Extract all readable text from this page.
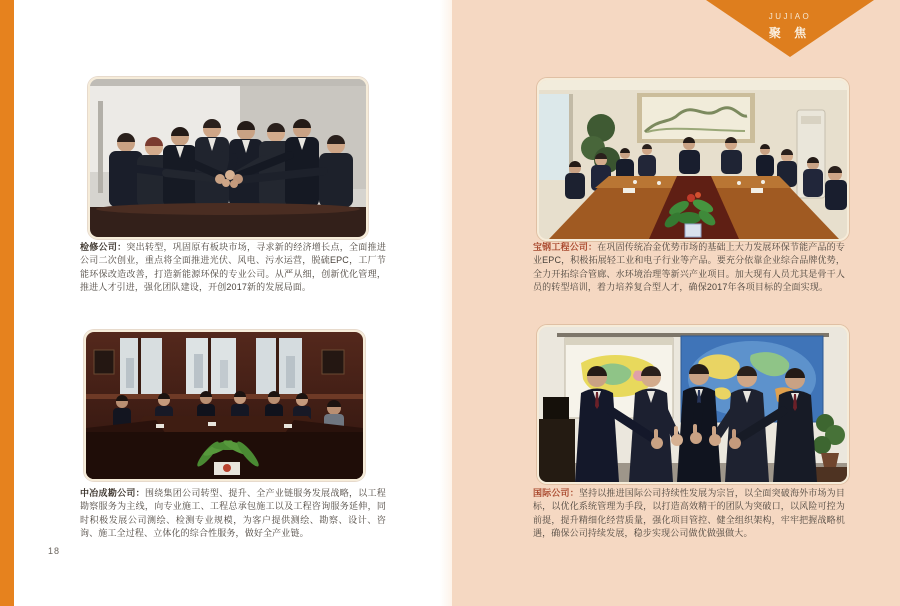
JUJIAO
聚 焦

检修公司：突出转型，巩固原有板块市场，寻求新的经济增长点，全面推进公司二次创业，重点将全面推进光伏、风电、污水运营，脱硫EPC，工厂节能环保改造改善，打造新能源环保的专业公司。从严从细，创新优化管理，推进人才引进，强化团队建设，开创2017新的发展局面。

宝钢工程公司：在巩固传统冶金优势市场的基础上大力发展环保节能产品的专业EPC，积极拓展轻工业和电子行业等产品。要充分依靠企业综合品牌优势，全力开拓综合管廊、水环境治理等新兴产业项目。加大现有人员尤其是骨干人员的转型培训，着力培养复合型人才，确保2017年各项目标的全面实现。

中冶成勘公司：围绕集团公司转型、提升、全产业链服务发展战略，以工程勘察服务为主线，向专业施工、工程总承包施工以及工程咨询服务延伸，同时积极发展公司测绘、检测专业规模，为客户提供测绘、勘察、设计、咨询、施工全过程、立体化的综合性服务，做好全产业链。

国际公司：坚持以推进国际公司持续性发展为宗旨，以全面突破海外市场为目标，以优化系统管理为手段，以打造高效精干的团队为突破口，以风险可控为前提，提升精细化经营质量，强化项目管控、健全组织架构，牢牢把握战略机遇，确保公司持续发展，稳步实现公司做优做强做大。

18
